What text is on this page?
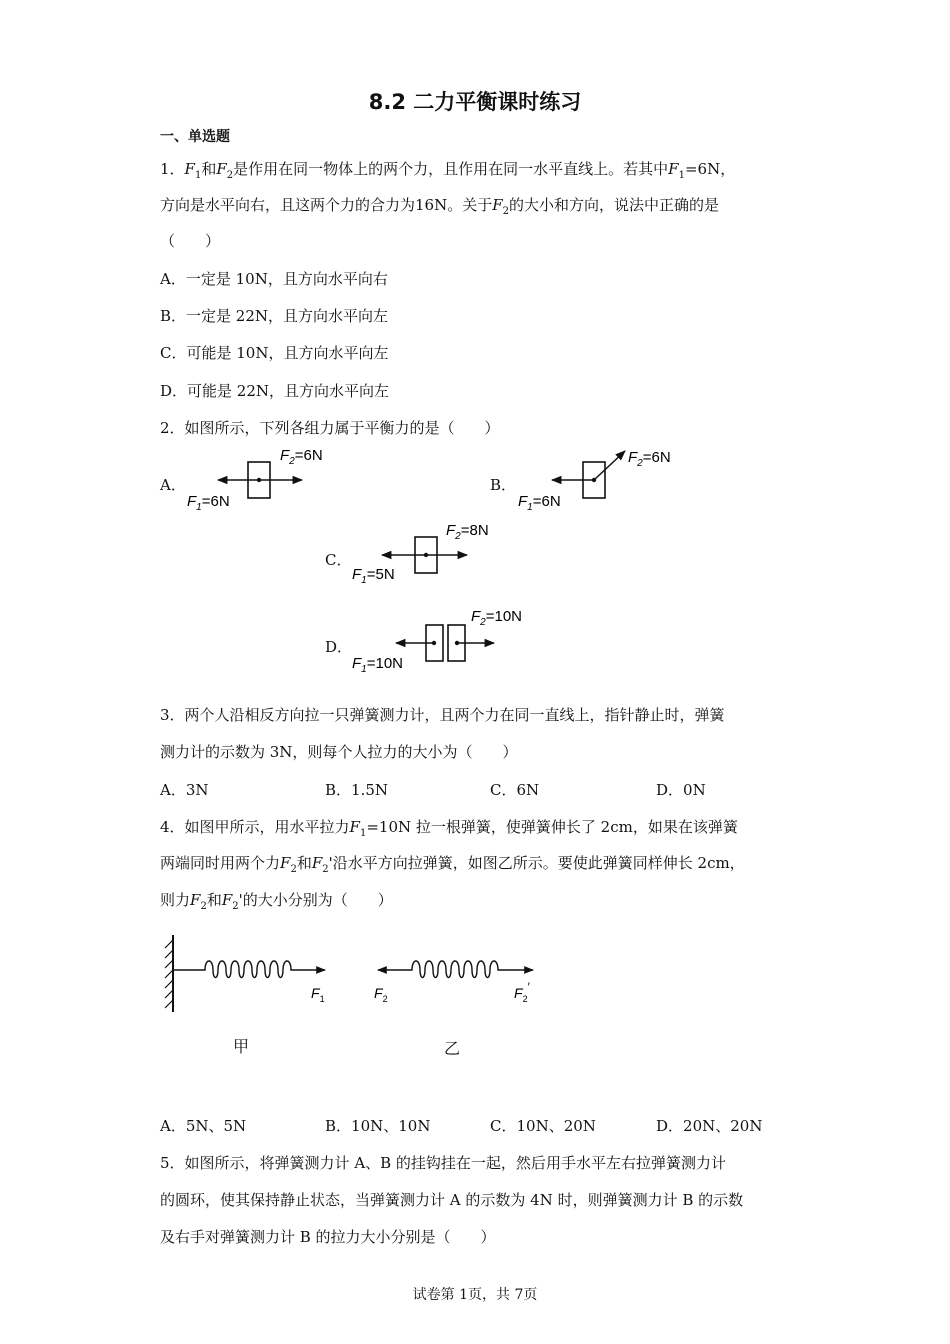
8.2 二力平衡课时练习
一、单选题
1．$F_1$和$F_2$是作用在同一物体上的两个力，且作用在同一水平直线上。若其中$F_1=6N$，
方向是水平向右，且这两个力的合力为16N。关于$F_2$的大小和方向，说法中正确的是
（　　）
A．一定是 10N，且方向水平向右
B．一定是 22N，且方向水平向左
C．可能是 10N，且方向水平向左
D．可能是 22N，且方向水平向左
2．如图所示，下列各组力属于平衡力的是（　　）
A．	B．
C．
D．
$F_1=6N$
$F_2=6N$
$F_1=6N$
$F_2=6N$
$F_1=5N$
$F_2=8N$
$F_1=10N$
$F_2=10N$
$F_1$	$F_2$	$F_2'$
3．两个人沿相反方向拉一只弹簧测力计，且两个力在同一直线上，指针静止时，弹簧
测力计的示数为 3N，则每个人拉力的大小为（　　）
A．3N	B．1.5N	C．6N	D．0N
4．如图甲所示，用水平拉力$F_1=10N$ 拉一根弹簧，使弹簧伸长了 2cm，如果在该弹簧
两端同时用两个力$F_2$和$F_2'$沿水平方向拉弹簧，如图乙所示。要使此弹簧同样伸长 2cm，
则力$F_2$和$F_2'$的大小分别为（　　）
甲	乙
A．5N、5N	B．10N、10N	C．10N、20N	D．20N、20N
5．如图所示，将弹簧测力计 A、B 的挂钩挂在一起，然后用手水平左右拉弹簧测力计
的圆环，使其保持静止状态，当弹簧测力计 A 的示数为 4N 时，则弹簧测力计 B 的示数
及右手对弹簧测力计 B 的拉力大小分别是（　　）
试卷第 1页，共 7页
